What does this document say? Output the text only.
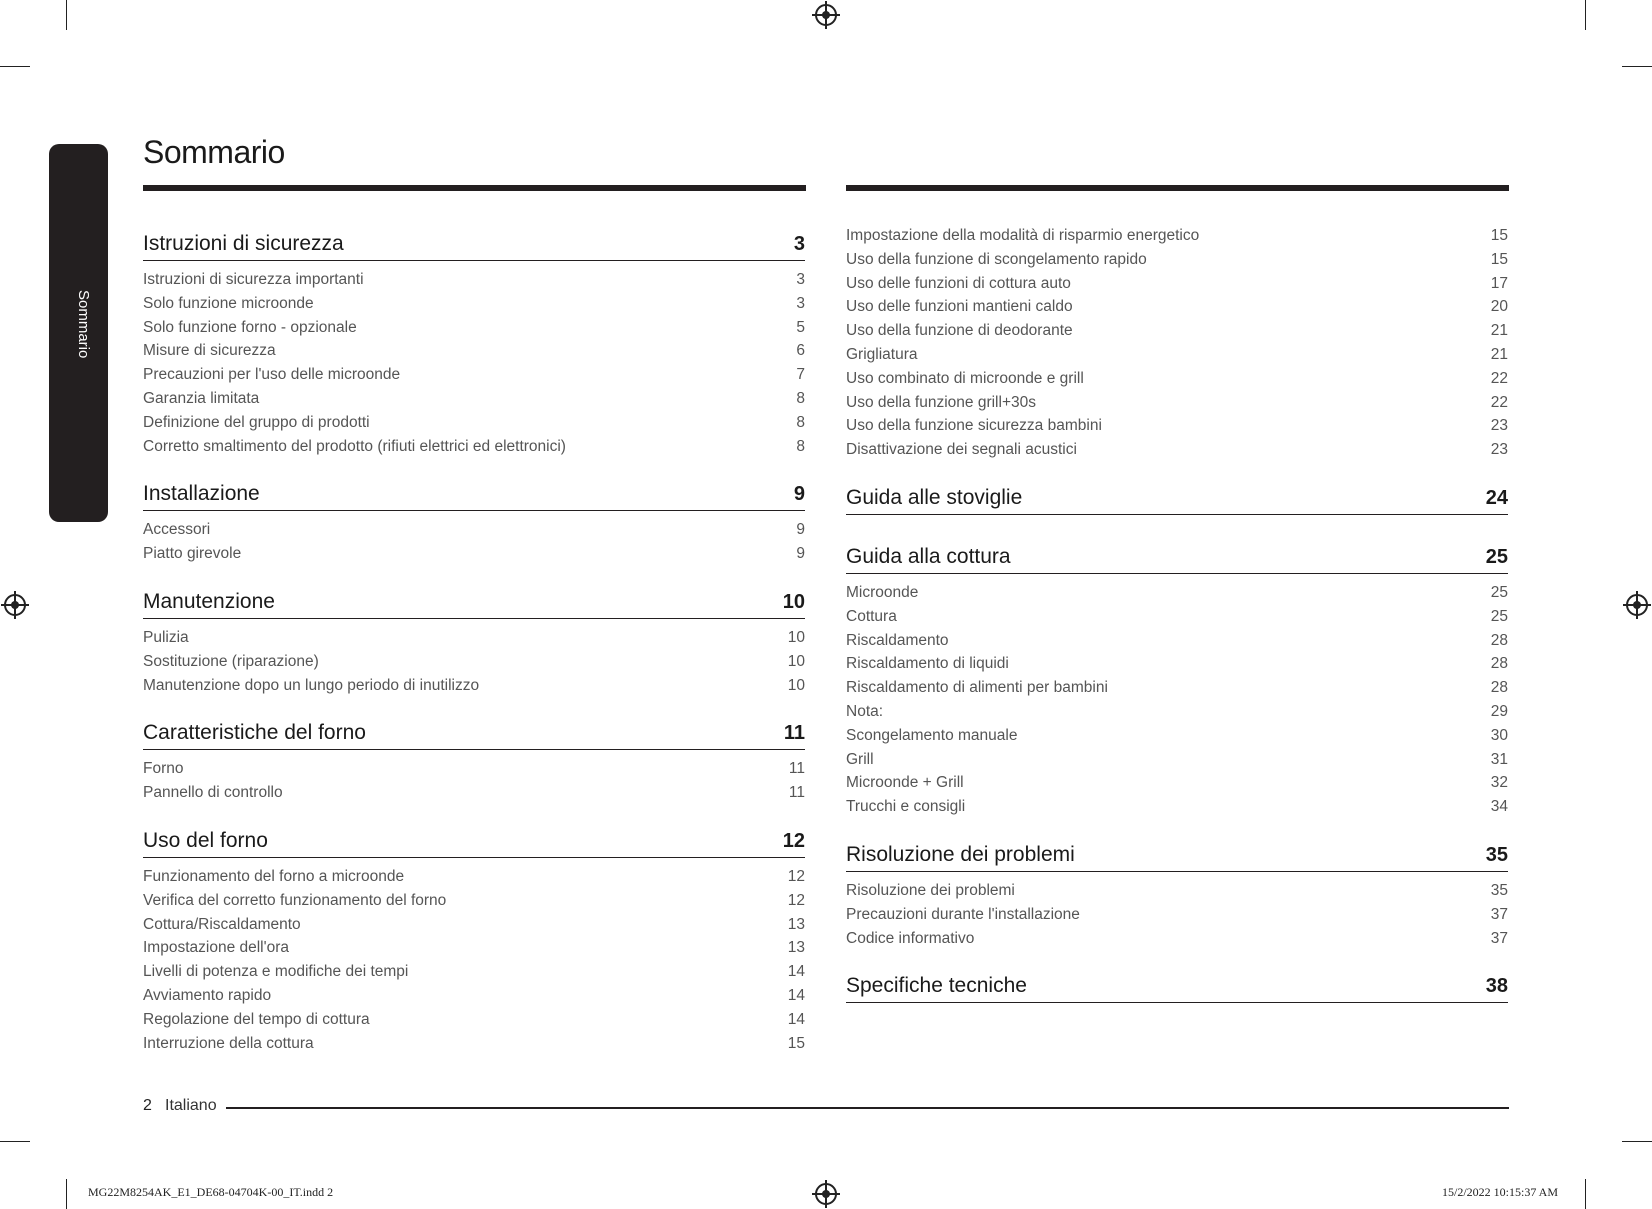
Sommario
Sommario
Istruzioni di sicurezza	3
Istruzioni di sicurezza importanti	3
Solo funzione microonde	3
Solo funzione forno - opzionale	5
Misure di sicurezza	6
Precauzioni per l'uso delle microonde	7
Garanzia limitata	8
Definizione del gruppo di prodotti	8
Corretto smaltimento del prodotto (rifiuti elettrici ed elettronici)	8
Installazione	9
Accessori	9
Piatto girevole	9
Manutenzione	10
Pulizia	10
Sostituzione (riparazione)	10
Manutenzione dopo un lungo periodo di inutilizzo	10
Caratteristiche del forno	11
Forno	11
Pannello di controllo	11
Uso del forno	12
Funzionamento del forno a microonde	12
Verifica del corretto funzionamento del forno	12
Cottura/Riscaldamento	13
Impostazione dell'ora	13
Livelli di potenza e modifiche dei tempi	14
Avviamento rapido	14
Regolazione del tempo di cottura	14
Interruzione della cottura	15
Impostazione della modalità di risparmio energetico	15
Uso della funzione di scongelamento rapido	15
Uso delle funzioni di cottura auto	17
Uso delle funzioni mantieni caldo	20
Uso della funzione di deodorante	21
Grigliatura	21
Uso combinato di microonde e grill	22
Uso della funzione grill+30s	22
Uso della funzione sicurezza bambini	23
Disattivazione dei segnali acustici	23
Guida alle stoviglie	24
Guida alla cottura	25
Microonde	25
Cottura	25
Riscaldamento	28
Riscaldamento di liquidi	28
Riscaldamento di alimenti per bambini	28
Nota:	29
Scongelamento manuale	30
Grill	31
Microonde + Grill	32
Trucchi e consigli	34
Risoluzione dei problemi	35
Risoluzione dei problemi	35
Precauzioni durante l'installazione	37
Codice informativo	37
Specifiche tecniche	38
2 Italiano
MG22M8254AK_E1_DE68-04704K-00_IT.indd 2	15/2/2022 10:15:37 AM
